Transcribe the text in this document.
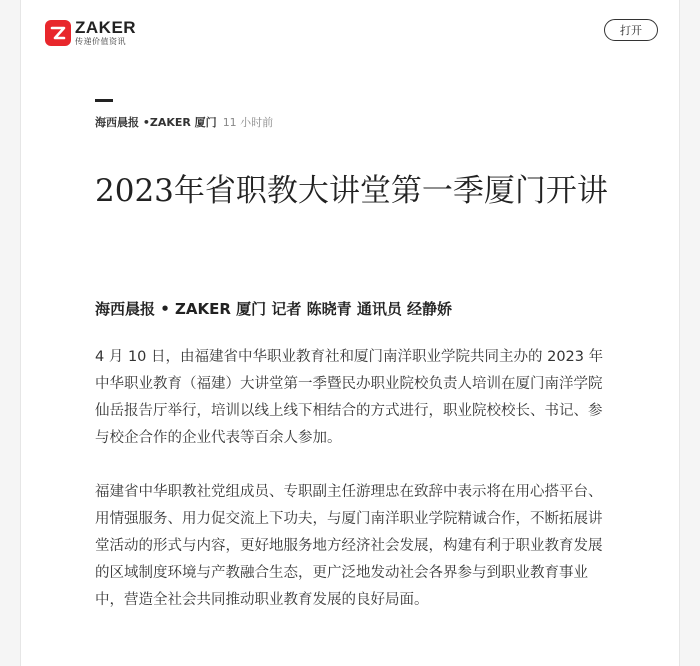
ZAKER
传递价值资讯
打开
海西晨报 •ZAKER 厦门 11 小时前
2023年省职教大讲堂第一季厦门开讲
海西晨报 • ZAKER 厦门 记者 陈晓青 通讯员 经静娇

4 月 10 日，由福建省中华职业教育社和厦门南洋职业学院共同主办的 2023 年中华职业教育（福建）大讲堂第一季暨民办职业院校负责人培训在厦门南洋学院仙岳报告厅举行，培训以线上线下相结合的方式进行，职业院校校长、书记、参与校企合作的企业代表等百余人参加。

福建省中华职教社党组成员、专职副主任游理忠在致辞中表示将在用心搭平台、用情强服务、用力促交流上下功夫，与厦门南洋职业学院精诚合作，不断拓展讲堂活动的形式与内容，更好地服务地方经济社会发展，构建有利于职业教育发展的区域制度环境与产教融合生态，更广泛地发动社会各界参与到职业教育事业中，营造全社会共同推动职业教育发展的良好局面。
